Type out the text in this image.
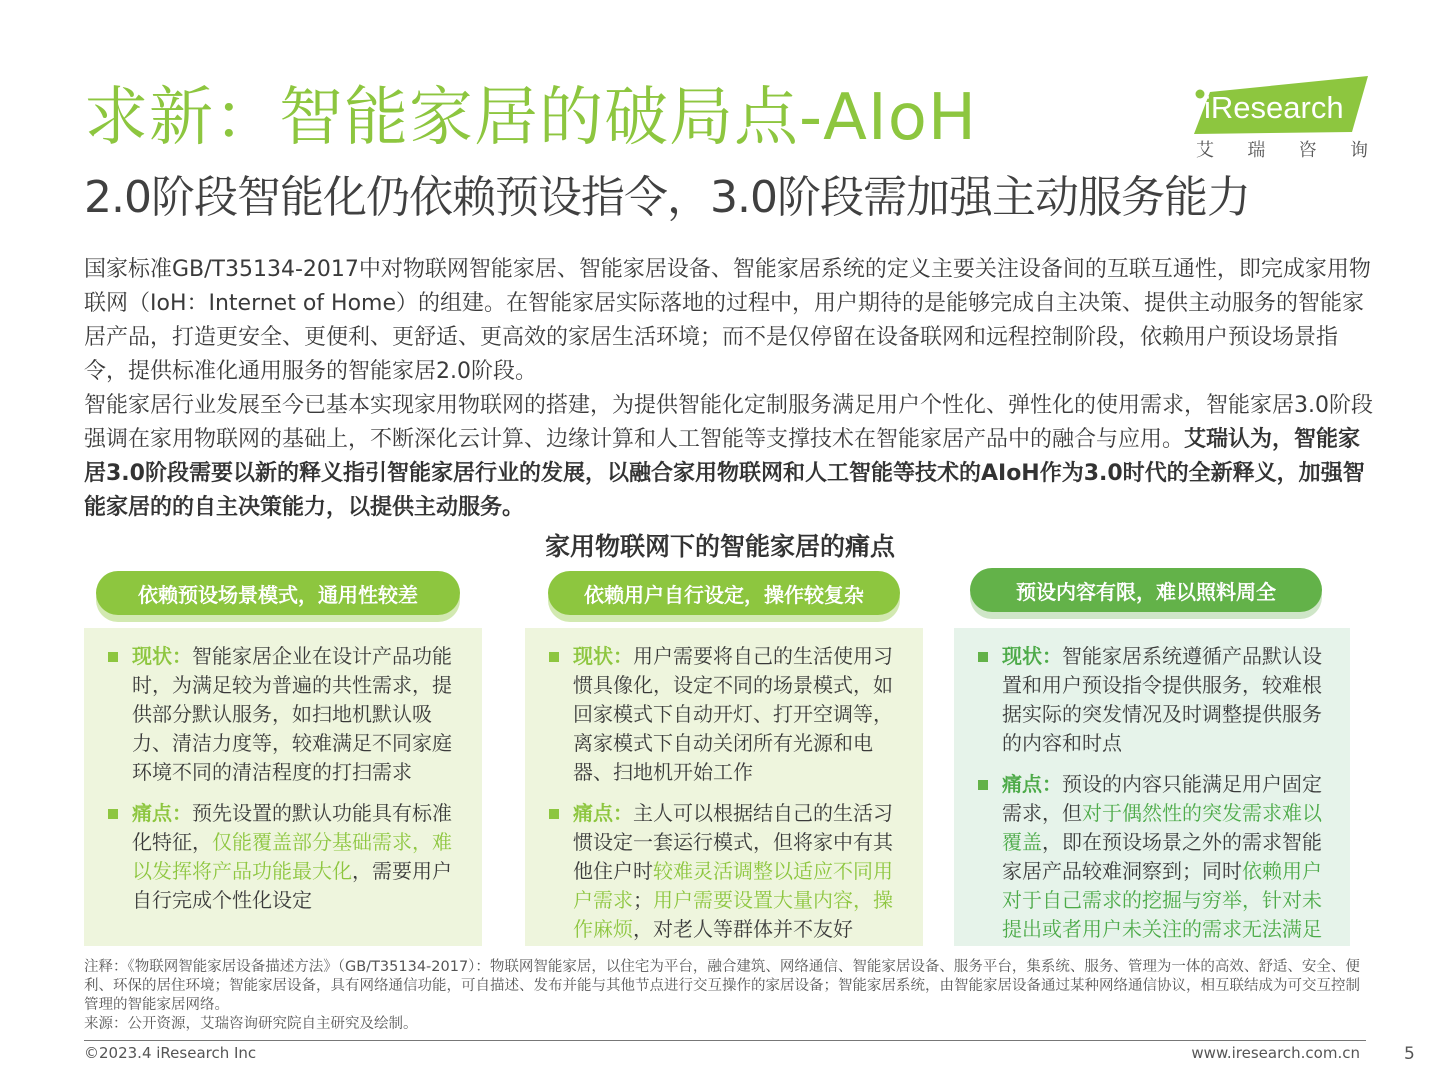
求新：智能家居的破局点-AIoH
2.0阶段智能化仍依赖预设指令，3.0阶段需加强主动服务能力
iResearch
艾 瑞 咨 询

国家标准GB/T35134-2017中对物联网智能家居、智能家居设备、智能家居系统的定义主要关注设备间的互联互通性，即完成家用物联网（IoH：Internet of Home）的组建。在智能家居实际落地的过程中，用户期待的是能够完成自主决策、提供主动服务的智能家居产品，打造更安全、更便利、更舒适、更高效的家居生活环境；而不是仅停留在设备联网和远程控制阶段，依赖用户预设场景指令，提供标准化通用服务的智能家居2.0阶段。

智能家居行业发展至今已基本实现家用物联网的搭建，为提供智能化定制服务满足用户个性化、弹性化的使用需求，智能家居3.0阶段强调在家用物联网的基础上，不断深化云计算、边缘计算和人工智能等支撑技术在智能家居产品中的融合与应用。艾瑞认为，智能家居3.0阶段需要以新的释义指引智能家居行业的发展，以融合家用物联网和人工智能等技术的AIoH作为3.0时代的全新释义，加强智能家居的的自主决策能力，以提供主动服务。

家用物联网下的智能家居的痛点
依赖预设场景模式，通用性较差
现状：智能家居企业在设计产品功能时，为满足较为普遍的共性需求，提供部分默认服务，如扫地机默认吸力、清洁力度等，较难满足不同家庭环境不同的清洁程度的打扫需求
痛点：预先设置的默认功能具有标准化特征，仅能覆盖部分基础需求，难以发挥将产品功能最大化，需要用户自行完成个性化设定
依赖用户自行设定，操作较复杂
现状：用户需要将自己的生活使用习惯具像化，设定不同的场景模式，如回家模式下自动开灯、打开空调等，离家模式下自动关闭所有光源和电器、扫地机开始工作
痛点：主人可以根据结自己的生活习惯设定一套运行模式，但将家中有其他住户时较难灵活调整以适应不同用户需求；用户需要设置大量内容，操作麻烦，对老人等群体并不友好
预设内容有限，难以照料周全
现状：智能家居系统遵循产品默认设置和用户预设指令提供服务，较难根据实际的突发情况及时调整提供服务的内容和时点
痛点：预设的内容只能满足用户固定需求，但对于偶然性的突发需求难以覆盖，即在预设场景之外的需求智能家居产品较难洞察到；同时依赖用户对于自己需求的挖掘与穷举，针对未提出或者用户未关注的需求无法满足

注释：《物联网智能家居设备描述方法》（GB/T35134-2017）：物联网智能家居，以住宅为平台，融合建筑、网络通信、智能家居设备、服务平台，集系统、服务、管理为一体的高效、舒适、安全、便利、环保的居住环境；智能家居设备，具有网络通信功能，可自描述、发布并能与其他节点进行交互操作的家居设备；智能家居系统，由智能家居设备通过某种网络通信协议，相互联结成为可交互控制管理的智能家居网络。

来源：公开资源，艾瑞咨询研究院自主研究及绘制。

©2023.4 iResearch Inc	www.iresearch.com.cn	5
